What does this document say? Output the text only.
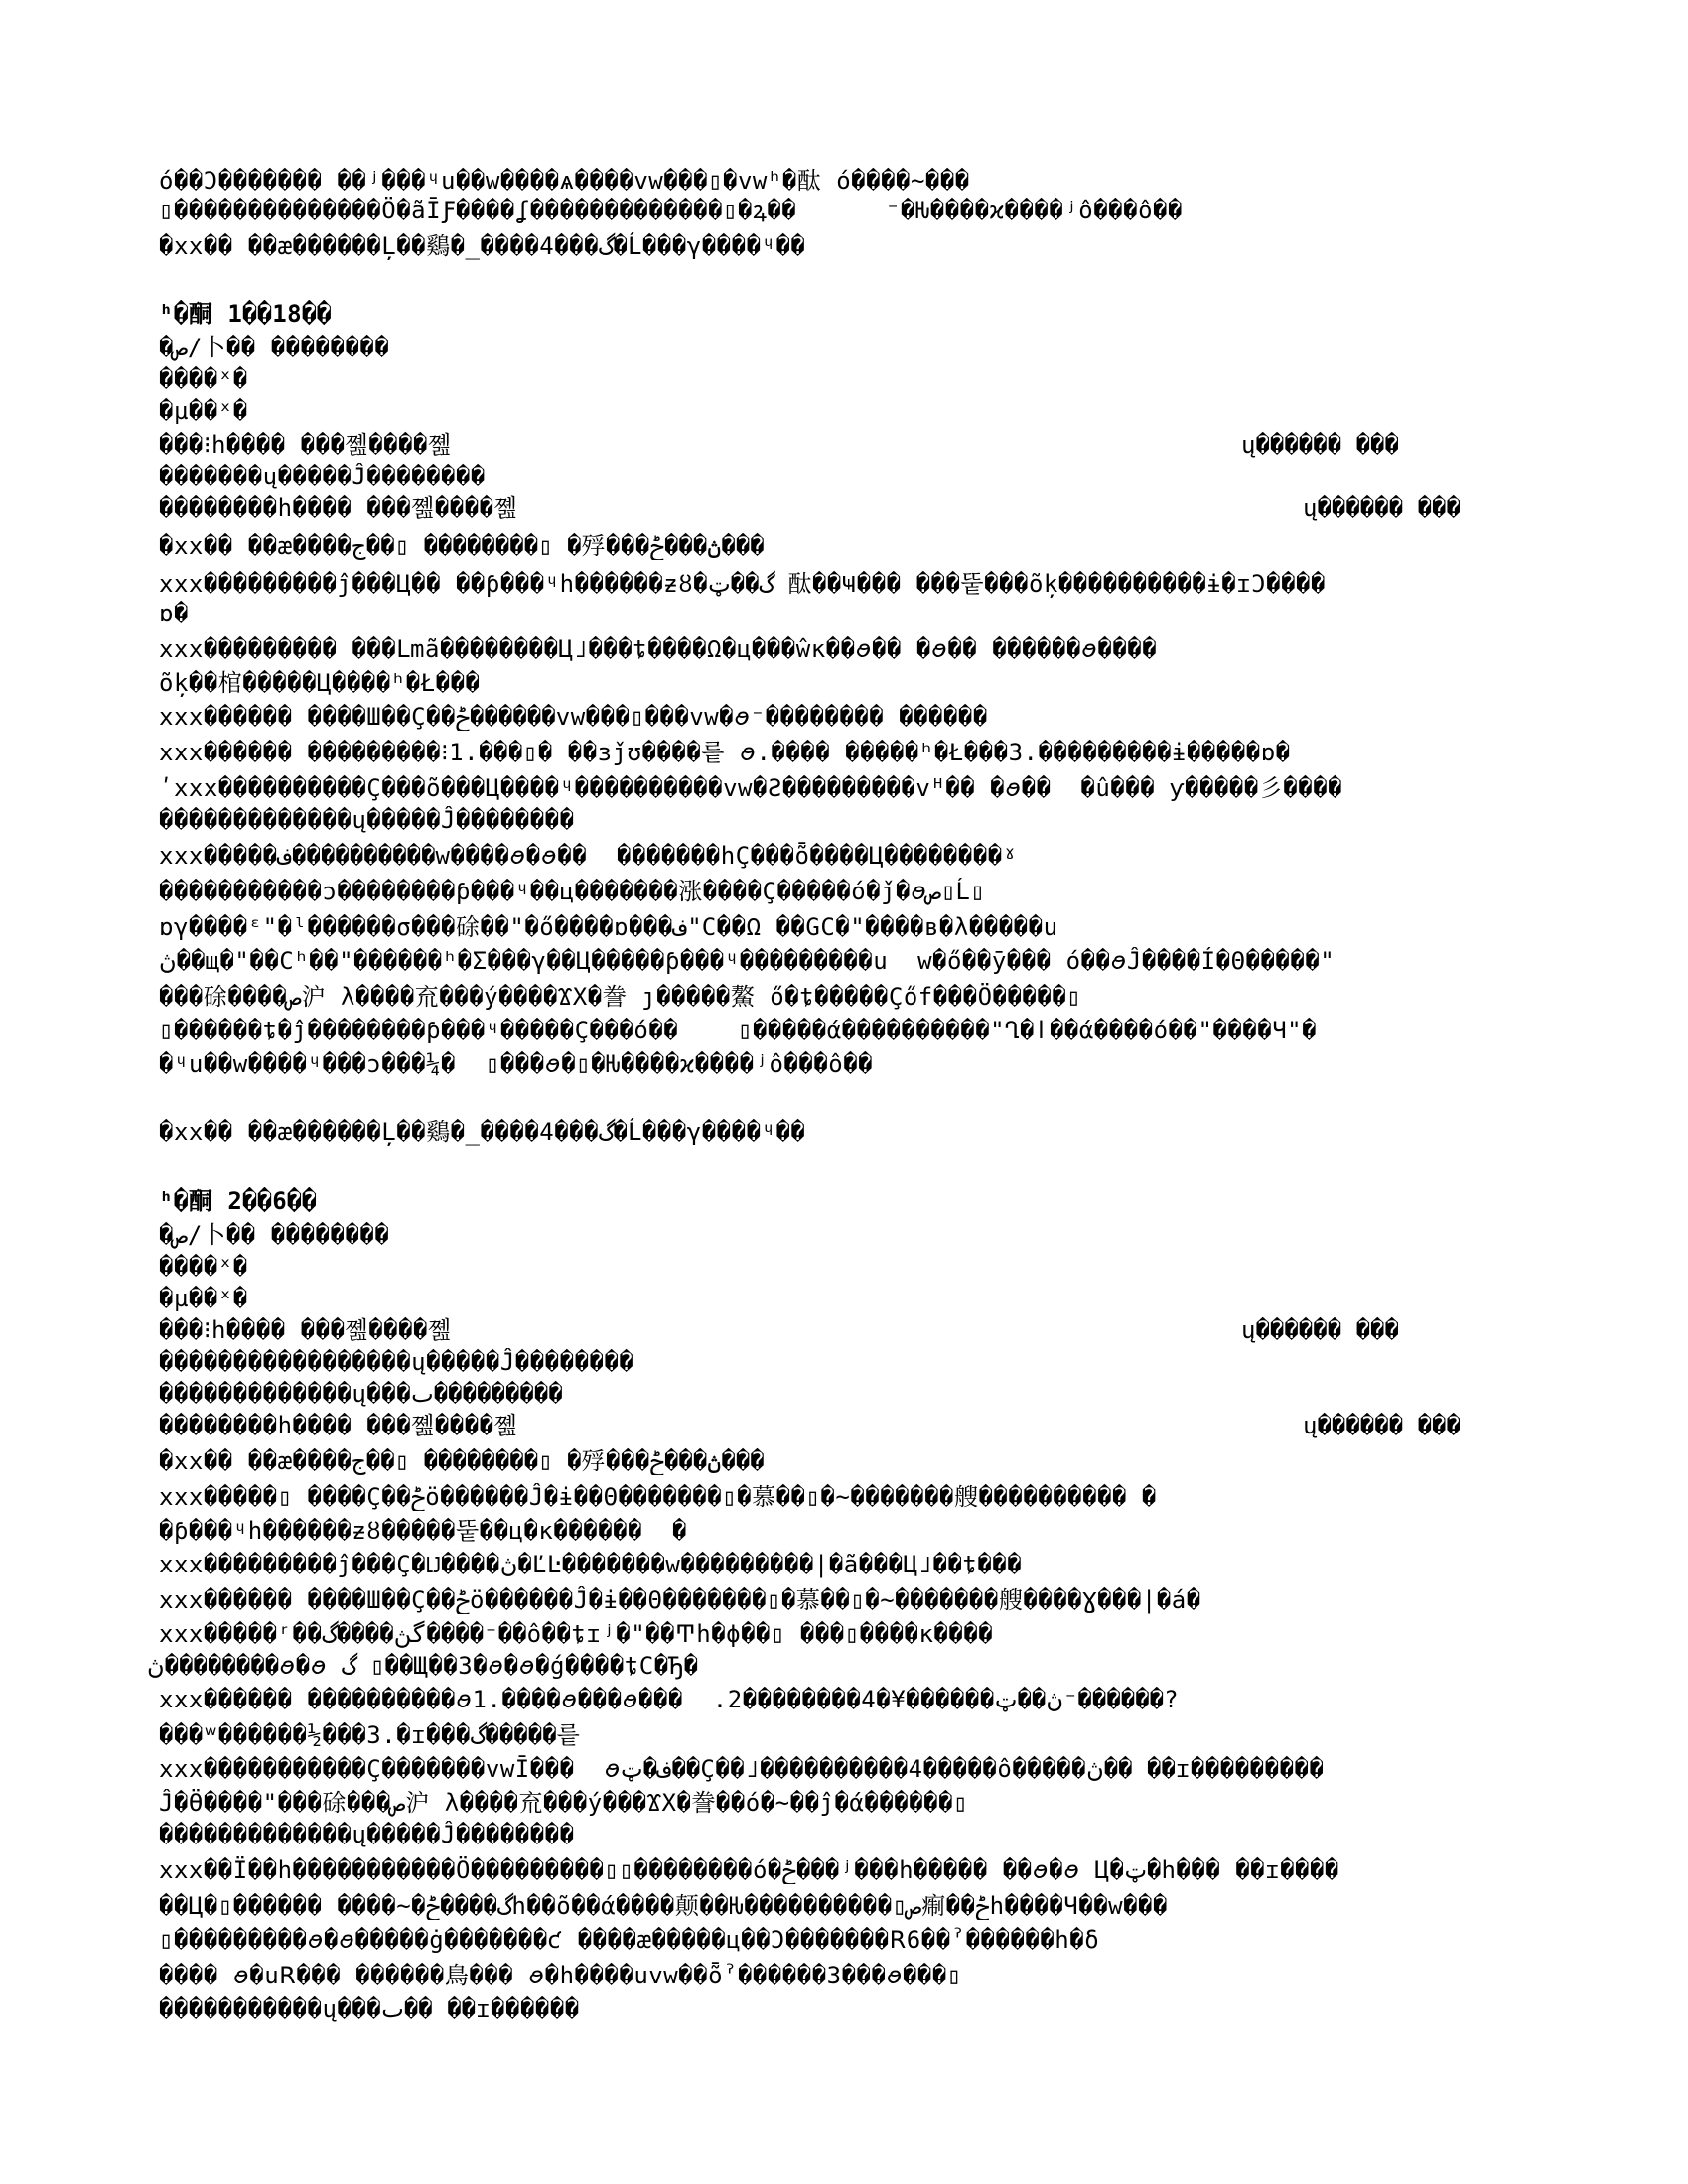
ó��Ɔ������� ��ʲ���ᶣu��w����ѧ����vw���▯�vwʰ�酞 ó����~���
▯��������������Ö�ãĪƑ����ʆ�������������▯�ꝝ��      ⁻�Ƕ����ϰ����ʲô���ô��
�xx�� ��æ������Ļ��鷄�_����4���گ�Ĺ���γ����ᶣ��
ʰ�酮 1��18��
�ص/卜�� ��������
����ˣ�
�µ��ˣ�
���⁝h���� ���쪮����쪮	ų������ ���
�������ų�����Ĵ��������
��������h���� ���쪮����쪮	ų������ ���
�xx�� ��æ����ج��▯ ��������▯ �殍���ڽ���ݲ���
xxx���������ĵ���Ц�� ��ƥ���ᶣh������ƶȣ�گ��ټ 酞��Ҹ��� ���뚵���õķ����������ɨ�ɪƆ����
ɒ�
xxx��������� ���Ⅼmã��������Ц˩���ȶ����Ω�ц���ŵĸ��ꪮ�� �ꪮ�� ������ꪮ����
õķ��棺�����Ц����ʰ�Ł���
xxx������ ����Ш��Ç��ݲ������vw���▯���vw�ꪮ⁻�������� ������
xxx������ ���������⁝1.���▯� ��ɜǰʊ����릍 ꪮ.���� �����ʰ�Ł���3.���������ɨ�����ɒ�
ʹxxx����������Ç���õ���Ц����ᶣ����������vw�Ƨ���������vᴴ�� �ꪮ��  �û��� ƴ�����彡����
�������������ų�����Ĵ��������
xxx�����ف����������w����ꪮ�ꪮ��  �������hÇ���ȭ����Ц��������ˠ
�����������ͻ��������ƥ���ᶣ��ц�������涨����Ç�����ó�ǰ�ꪮص▯Ĺ▯
ɒγ����ᵋ"�ˡ������σ���硢��"�ő����ɒ���ف"C��Ω ��GC�"����в�λ�����u
ڽ��щ�"��Cʰ��"������ʰ�Σ���γ��Ц�����ƥ���ᶣ���������u  w�ő��ȳ��� ó��ꪮĴ����Í�Θ�����"
���硢����ص沪 λ����㐬���ý����ϪΧ�誊 ȷ�����鰲 ő�ȶ�����Çőf���Ö�����▯
▯������ȶ�ĵ��������ƥ���ᶣ�����Ç���ó��    ▯�����ά����������"Ղ�ӏ��ά����ó��"����Ч"�
�ᶣu��w����ᶣ���ɔ���¼�  ▯���ꪮ�▯�Ƕ����ϰ����ʲô���ô��
�xx�� ��æ������Ļ��鷄�_����4���گ�Ĺ���γ����ᶣ��
ʰ�酮 2��6��
�ص/卜�� ��������
����ˣ�
�µ��ˣ�
���⁝h���� ���쪮����쪮	ų������ ���
�����������������ų�����Ĵ��������
�������������ų���ٮ���������
��������h���� ���쪮����쪮	ų������ ���
�xx�� ��æ����ج��▯ ��������▯ �殍���ڽ���ݲ���
xxx�����▯ ����Ç��ݲö������Ĵ�ɨ��Θ�������▯�慕��▯�~�������艘���������� �
�ƥ���ᶣh������ƶȣ�����뚵��ц�ĸ������  �
xxx���������ĵ���Ç�Ǉ����ڽ�ĽĿ�������w���������|�ã���Ц˩��ȶ���
xxx������ ����Ш��Ç��ݲö������Ĵ�ɨ��Θ�������▯�慕��▯�~�������艘����Ɣ���|�á�
xxx�����ʳ��گڽ����گ����⁻��ô��ȶɪʲ�"��Ͳh�ϕ��▯ ���▯����ĸ����
ڽ��������ꪮ�ꪮ گ ▯��Щ��З�ꪮ�ꪮ�ǵ����ȶC�Ђ�
xxx������ ����������ꪮ1.����ꪮ���ꪮ���  .2��������4�¥������ڽ��ټ⁻������?
���ʷ������½���3.�ɪ���گ�����릍
xxx�����������Ç�������vwĪ���  ꪮف�ټ��Ç��˩����������4�����ô�����ڽ�� ��ɪ���������
Ĵ�Ӫ����"���硢���ص沪 λ����㐬���ý���ϪΧ�誊��ó�~��ĵ�ά������▯
�������������ų�����Ĵ��������
xxx��Ï��h�����������Ö���������▯▯��������ó�ݲ���ʲ���h����� ��ꪮ�ꪮ Ц�ټ�h��� ��ɪ����
��Ц�▯������ ����~�گ����ݲh��õ��ά����颠��Ƕ����������▯ص痸��ݲh����Ч��w���
▯���������ꪮ�ꪮ�����ġ�������ƈ ����æ�����ц��Ɔ�������ꓣ6��ˀ������h�δ
���� ꪮ�uꓣ��� ������鳥��� ꪮ�h����uvw��ȭˀ������З���ꪮ���▯
�����������ų���ٮ�� ��ɪ������
